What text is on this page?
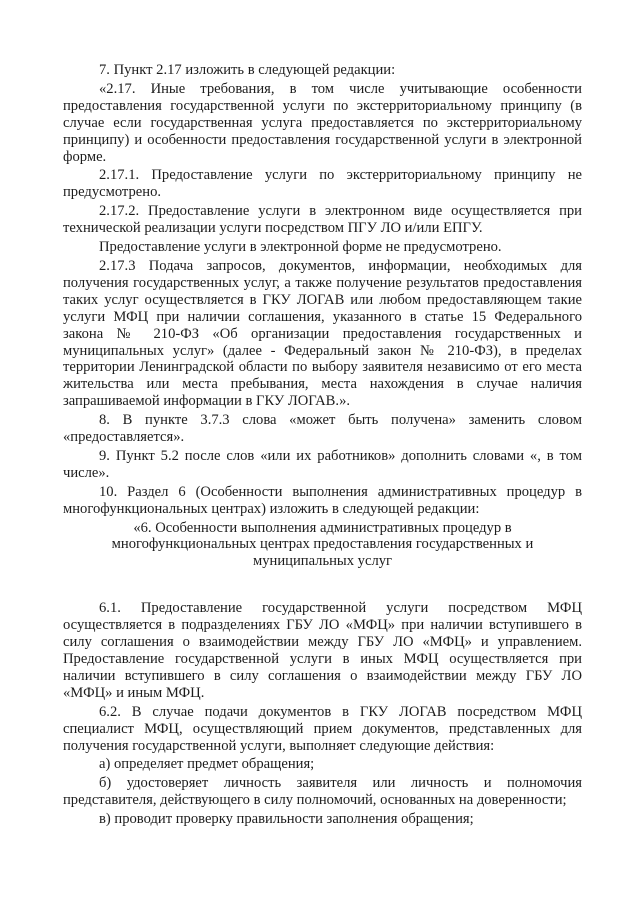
7. Пункт 2.17 изложить в следующей редакции:

«2.17. Иные требования, в том числе учитывающие особенности предоставления государственной услуги по экстерриториальному принципу (в случае если государственная услуга предоставляется по экстерриториальному принципу) и особенности предоставления государственной услуги в электронной форме.

2.17.1. Предоставление услуги по экстерриториальному принципу не предусмотрено.

2.17.2. Предоставление услуги в электронном виде осуществляется при технической реализации услуги посредством ПГУ ЛО и/или ЕПГУ.

Предоставление услуги в электронной форме не предусмотрено.

2.17.3 Подача запросов, документов, информации, необходимых для получения государственных услуг, а также получение результатов предоставления таких услуг осуществляется в ГКУ ЛОГАВ или любом предоставляющем такие услуги МФЦ при наличии соглашения, указанного в статье 15 Федерального закона № 210-ФЗ «Об организации предоставления государственных и муниципальных услуг» (далее - Федеральный закон № 210-ФЗ), в пределах территории Ленинградской области по выбору заявителя независимо от его места жительства или места пребывания, места нахождения в случае наличия запрашиваемой информации в ГКУ ЛОГАВ.».

8. В пункте 3.7.3 слова «может быть получена» заменить словом «предоставляется».

9. Пункт 5.2 после слов «или их работников» дополнить словами «, в том числе».

10. Раздел 6 (Особенности выполнения административных процедур в многофункциональных центрах) изложить в следующей редакции:

«6. Особенности выполнения административных процедур в многофункциональных центрах предоставления государственных и муниципальных услуг

6.1. Предоставление государственной услуги посредством МФЦ осуществляется в подразделениях ГБУ ЛО «МФЦ» при наличии вступившего в силу соглашения о взаимодействии между ГБУ ЛО «МФЦ» и управлением. Предоставление государственной услуги в иных МФЦ осуществляется при наличии вступившего в силу соглашения о взаимодействии между ГБУ ЛО «МФЦ» и иным МФЦ.

6.2. В случае подачи документов в ГКУ ЛОГАВ посредством МФЦ специалист МФЦ, осуществляющий прием документов, представленных для получения государственной услуги, выполняет следующие действия:

а) определяет предмет обращения;

б) удостоверяет личность заявителя или личность и полномочия представителя, действующего в силу полномочий, основанных на доверенности;

в) проводит проверку правильности заполнения обращения;
